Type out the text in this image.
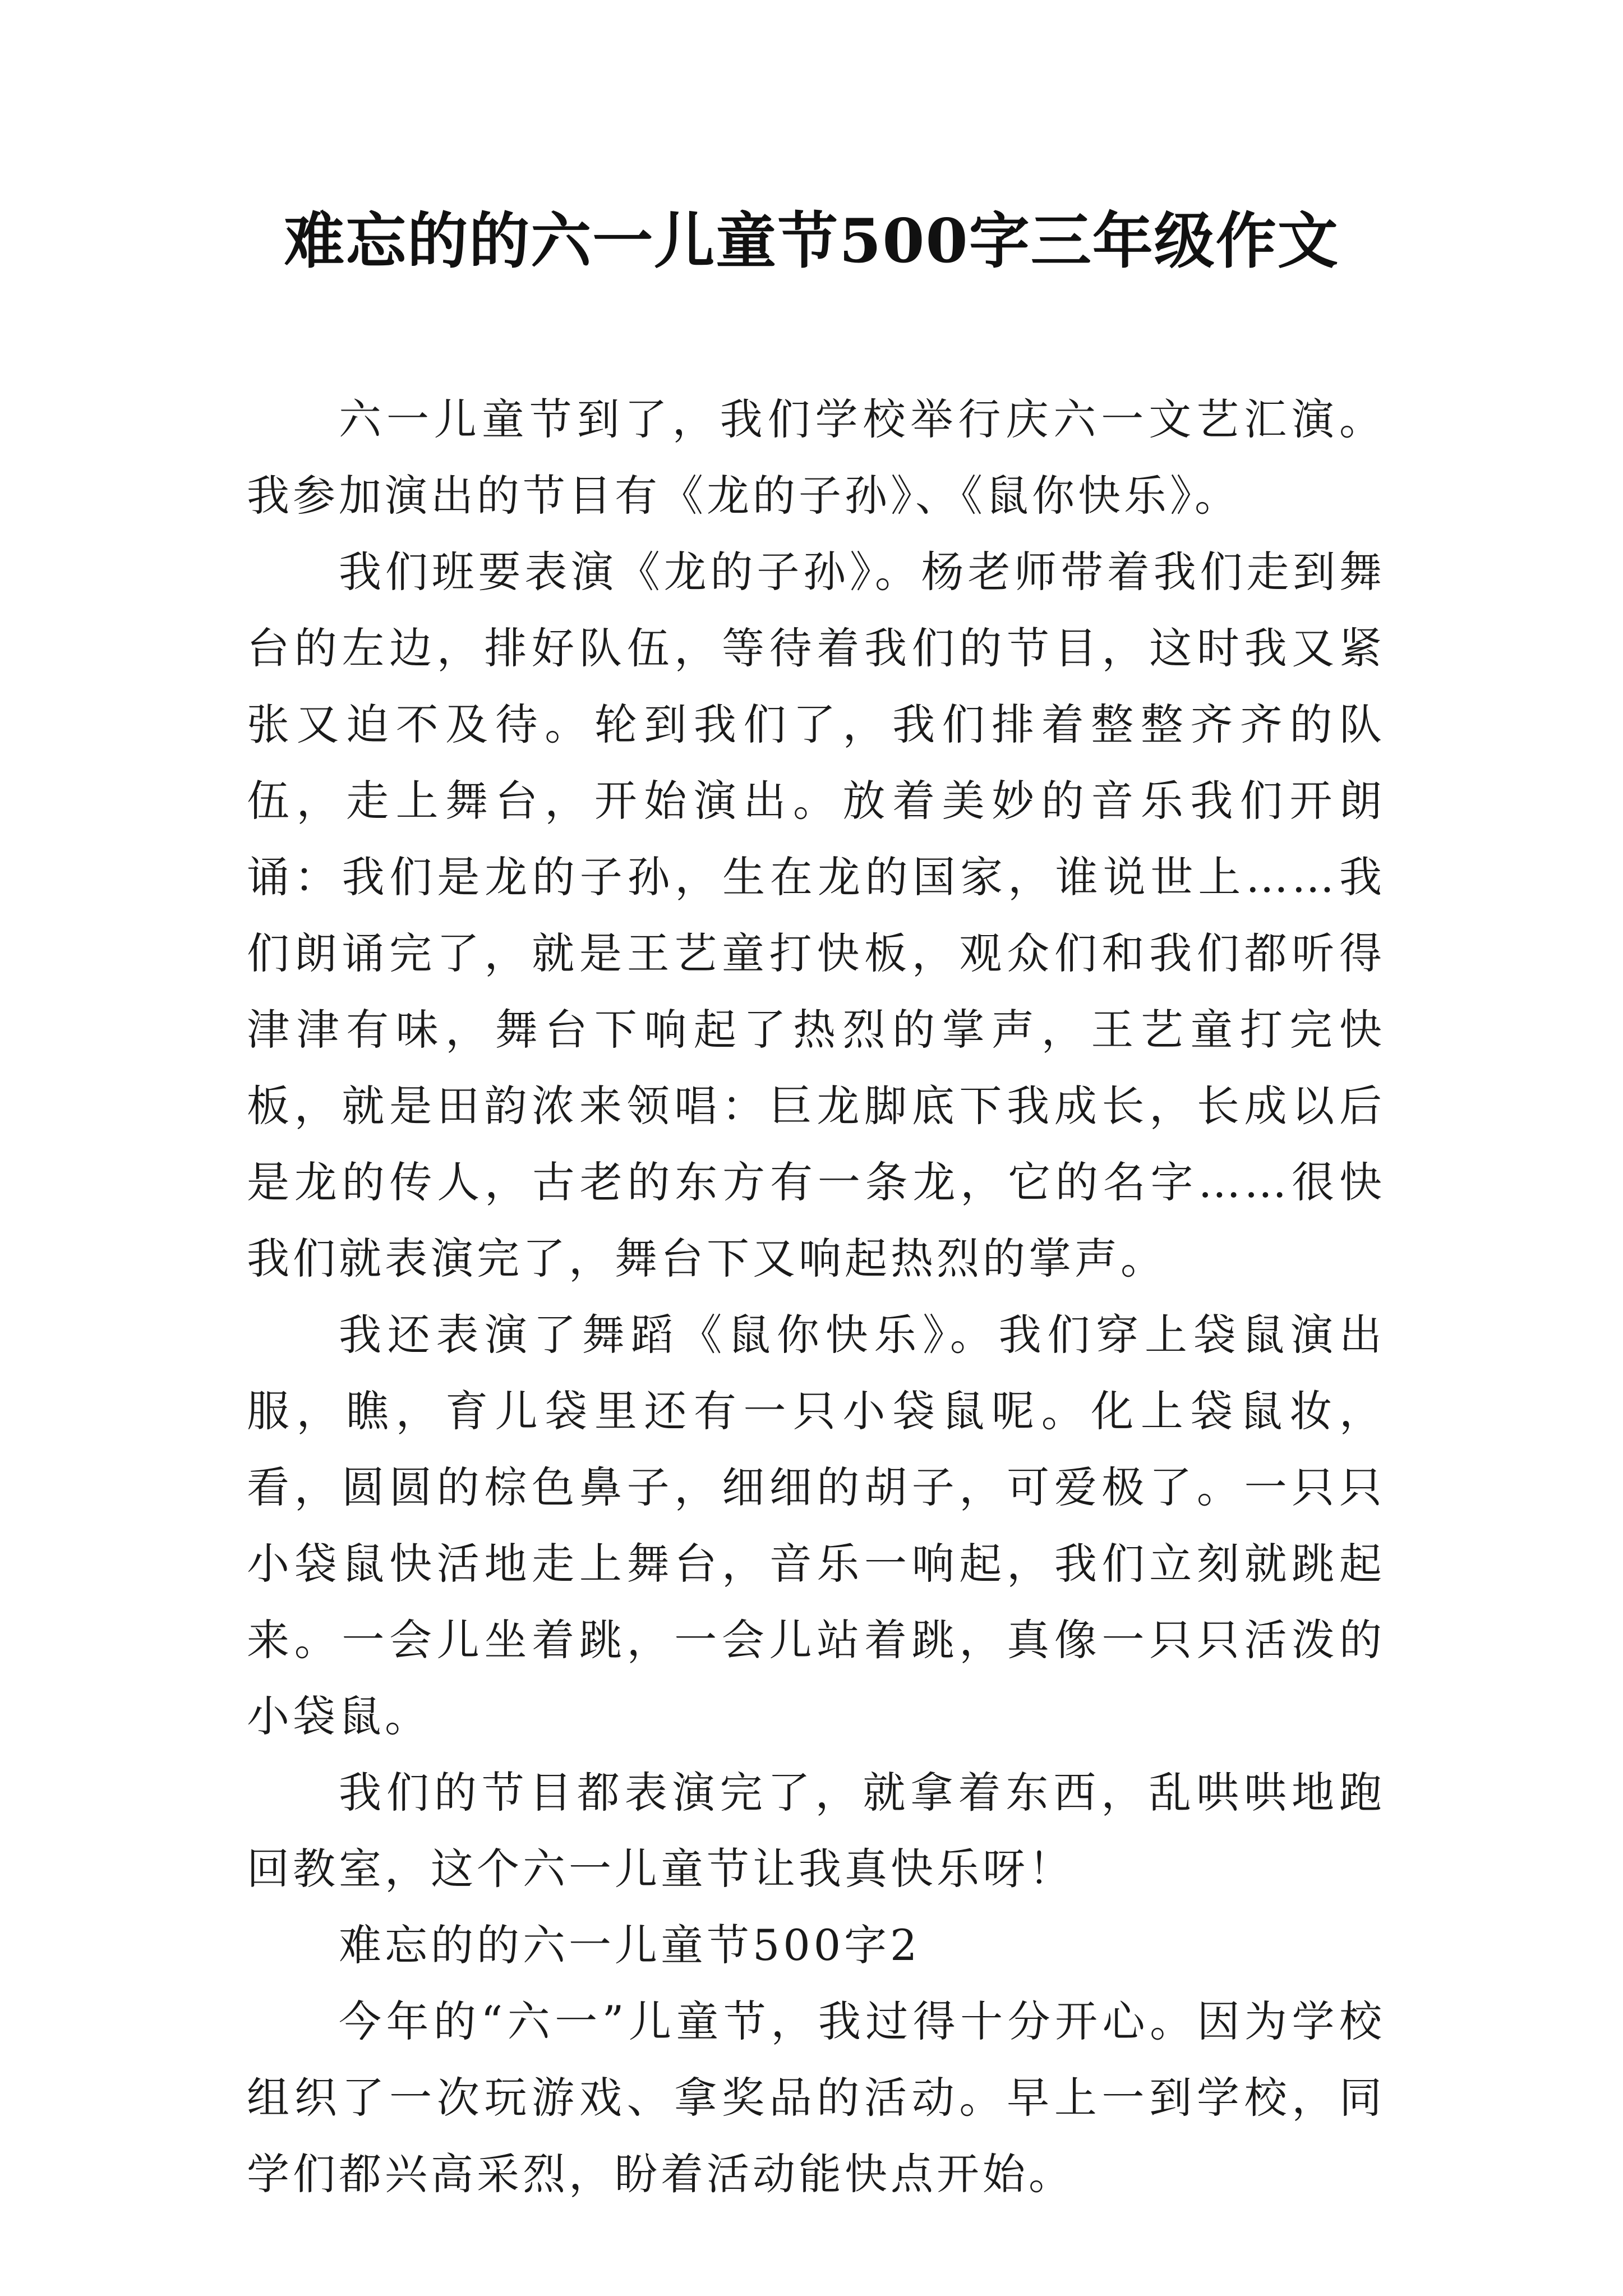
难忘的的六一儿童节500字三年级作文

六一儿童节到了，我们学校举行庆六一文艺汇演。我参加演出的节目有《龙的子孙》、《鼠你快乐》。

我们班要表演《龙的子孙》。杨老师带着我们走到舞台的左边，排好队伍，等待着我们的节目，这时我又紧张又迫不及待。轮到我们了，我们排着整整齐齐的队伍，走上舞台，开始演出。放着美妙的音乐我们开朗诵：我们是龙的子孙，生在龙的国家，谁说世上……我们朗诵完了，就是王艺童打快板，观众们和我们都听得津津有味，舞台下响起了热烈的掌声，王艺童打完快板，就是田韵浓来领唱：巨龙脚底下我成长，长成以后是龙的传人，古老的东方有一条龙，它的名字……很快我们就表演完了，舞台下又响起热烈的掌声。

我还表演了舞蹈《鼠你快乐》。我们穿上袋鼠演出服，瞧，育儿袋里还有一只小袋鼠呢。化上袋鼠妆，看，圆圆的棕色鼻子，细细的胡子，可爱极了。一只只小袋鼠快活地走上舞台，音乐一响起，我们立刻就跳起来。一会儿坐着跳，一会儿站着跳，真像一只只活泼的小袋鼠。

我们的节目都表演完了，就拿着东西，乱哄哄地跑回教室，这个六一儿童节让我真快乐呀！

难忘的的六一儿童节500字2

今年的“六一”儿童节，我过得十分开心。因为学校组织了一次玩游戏、拿奖品的活动。早上一到学校，同学们都兴高采烈，盼着活动能快点开始。
